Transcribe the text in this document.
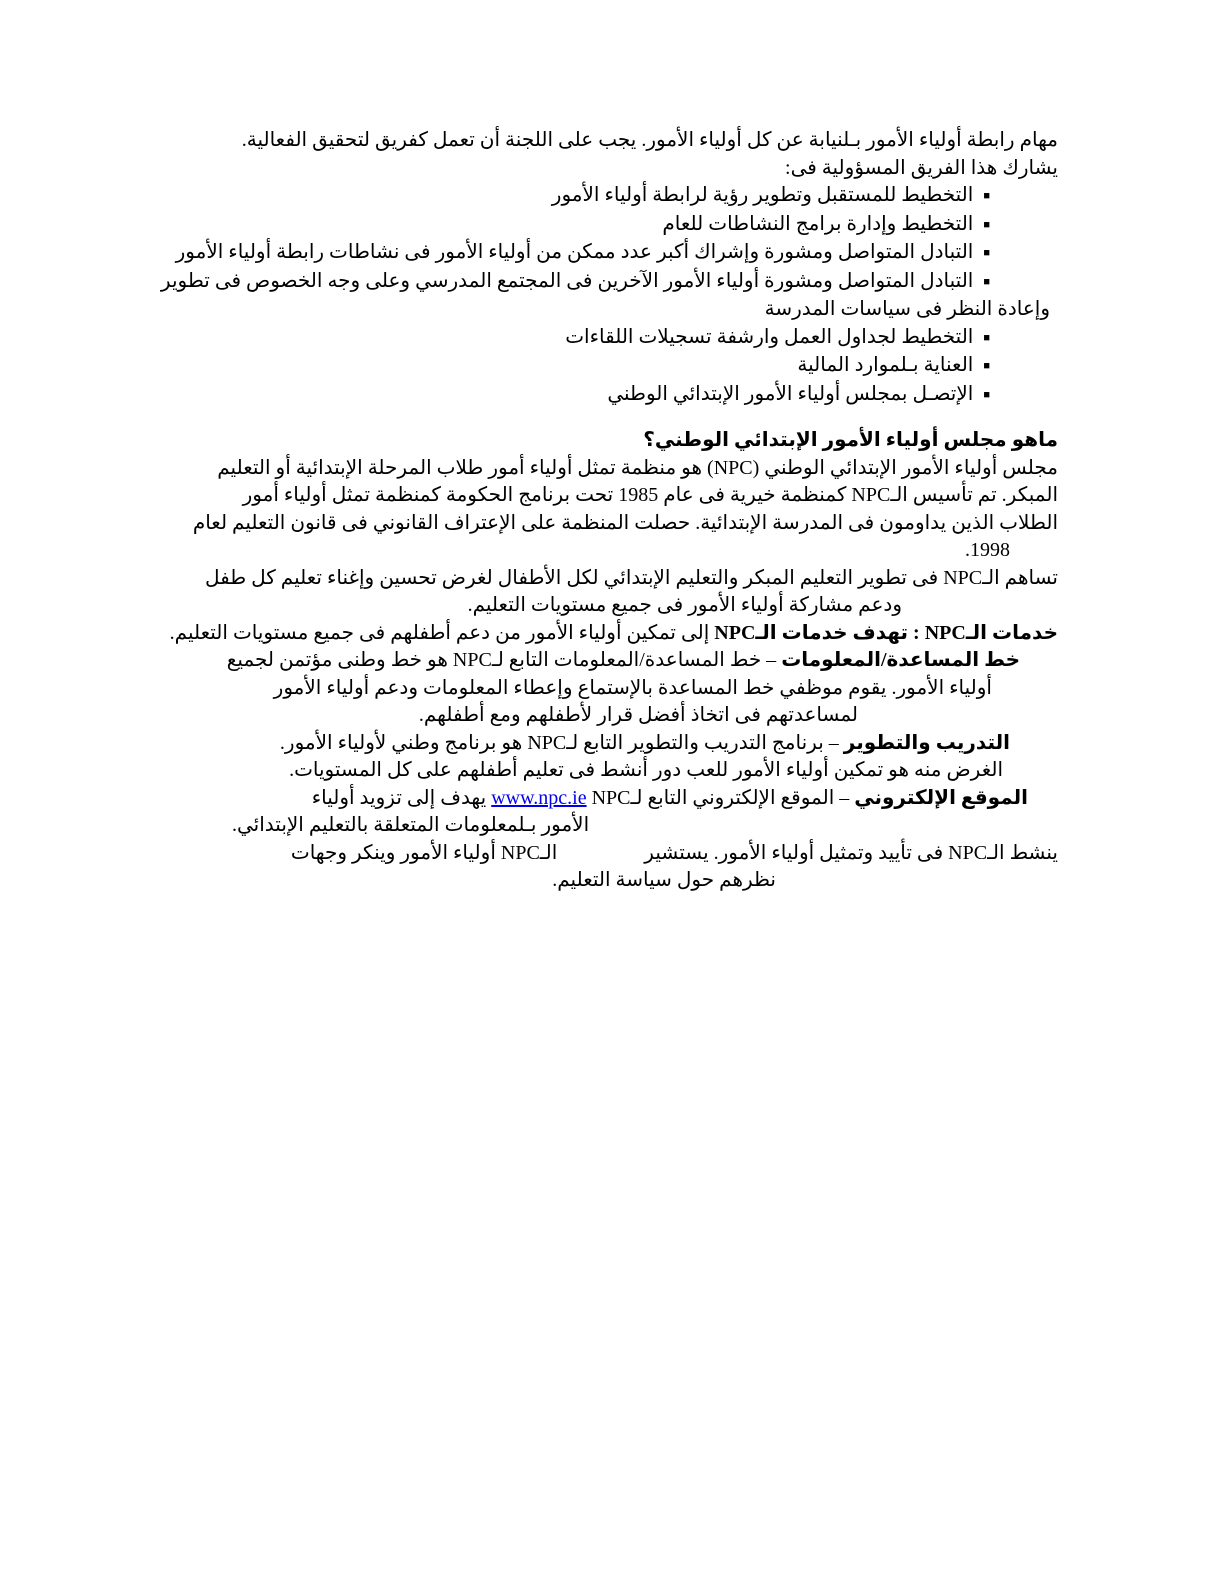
مهام رابطة أولياء الأمور بـلنيابة عن كل أولياء الأمور. يجب على اللجنة أن تعمل كفريق لتحقيق الفعالية.
يشارك هذا الفريق المسؤولية فى:
■التخطيط للمستقبل وتطوير رؤية لرابطة أولياء الأمور
■التخطيط وإدارة برامج النشاطات للعام
■التبادل المتواصل ومشورة وإشراك أكبر عدد ممكن من أولياء الأمور فى نشاطات رابطة أولياء الأمور
■التبادل المتواصل ومشورة أولياء الأمور الآخرين فى المجتمع المدرسي وعلى وجه الخصوص فى تطوير
وإعادة النظر فى سياسات المدرسة
■التخطيط لجداول العمل وارشفة تسجيلات اللقاءات
■العناية بـلموارد المالية
■الإتصـل بمجلس أولياء الأمور الإبتدائي الوطني
ماهو مجلس أولياء الأمور الإبتدائي الوطني؟
مجلس أولياء الأمور الإبتدائي الوطني (NPC) هو منظمة تمثل أولياء أمور طلاب المرحلة الإبتدائية أو التعليم
المبكر. تم تأسيس الـNPC كمنظمة خيرية فى عام 1985 تحت برنامج الحكومة كمنظمة تمثل أولياء أمور
الطلاب الذين يداومون فى المدرسة الإبتدائية. حصلت المنظمة على الإعتراف القانوني فى قانون التعليم لعام
1998.
تساهم الـNPC فى تطوير التعليم المبكر والتعليم الإبتدائي لكل الأطفال لغرض تحسين وإغناء تعليم كل طفل
ودعم مشاركة أولياء الأمور فى جميع مستويات التعليم.
خدمات الـNPC : تهدف خدمات الـNPC إلى تمكين أولياء الأمور من دعم أطفلهم فى جميع مستويات التعليم.
خط المساعدة/المعلومات – خط المساعدة/المعلومات التابع لـNPC هو خط وطنى مؤتمن لجميع
أولياء الأمور. يقوم موظفي خط المساعدة بالإستماع وإعطاء المعلومات ودعم أولياء الأمور
لمساعدتهم فى اتخاذ أفضل قرار لأطفلهم ومع أطفلهم.
التدريب والتطوير – برنامج التدريب والتطوير التابع لـNPC هو برنامج وطني لأولياء الأمور.
الغرض منه هو تمكين أولياء الأمور للعب دور أنشط فى تعليم أطفلهم على كل المستويات.
الموقع الإلكتروني – الموقع الإلكتروني التابع لـNPC www.npc.ie يهدف إلى تزويد أولياء
الأمور بـلمعلومات المتعلقة بالتعليم الإبتدائي.
ينشط الـNPC فى تأييد وتمثيل أولياء الأمور. يستشيرالـNPC أولياء الأمور وينكر وجهات
نظرهم حول سياسة التعليم.
